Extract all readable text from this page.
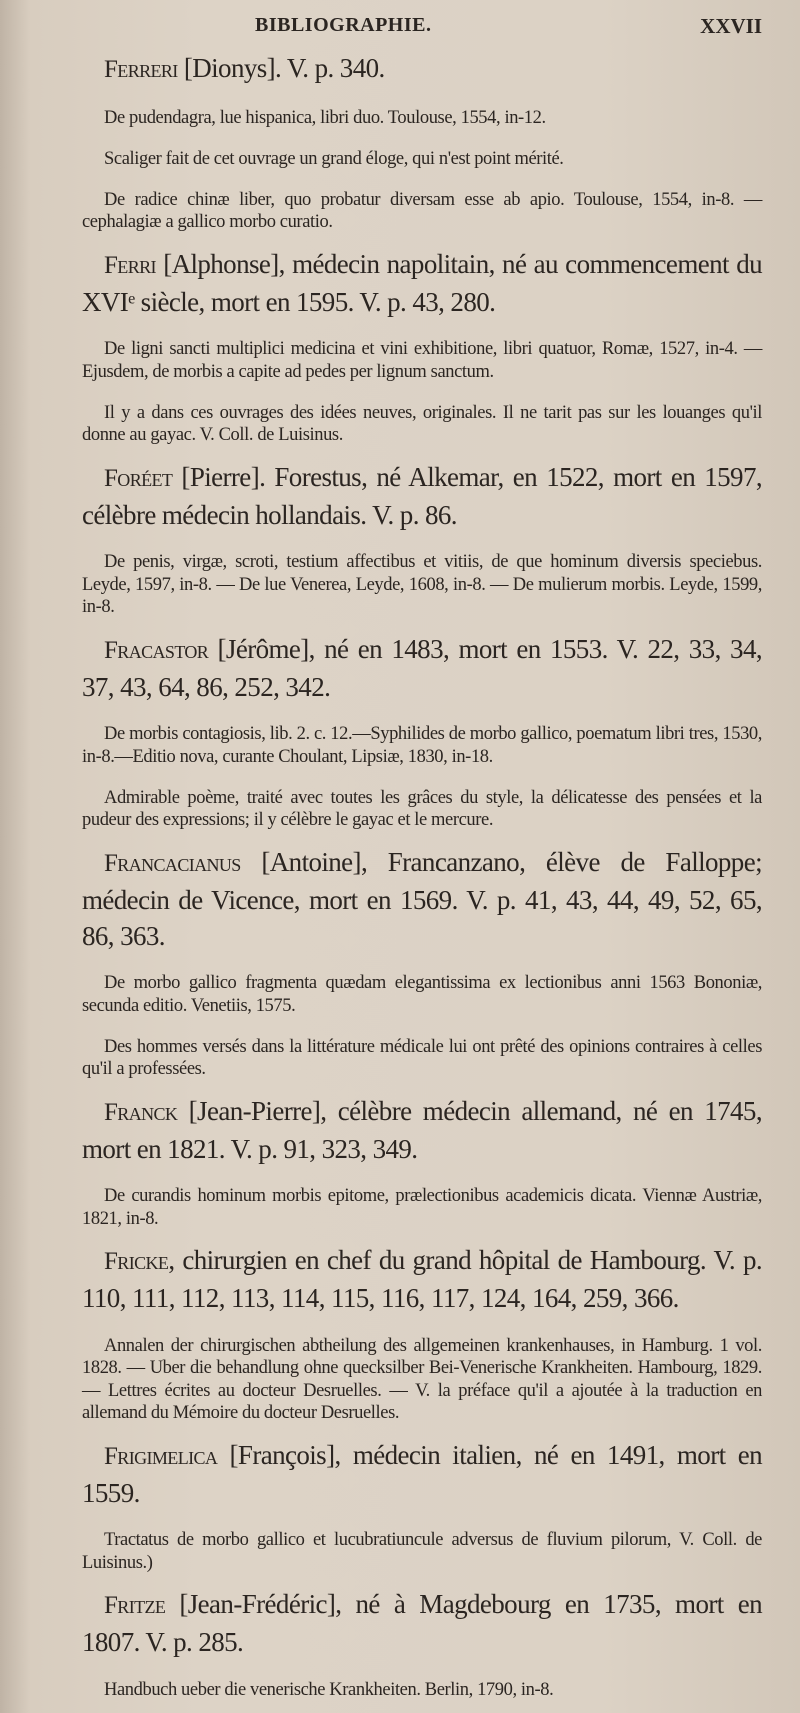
BIBLIOGRAPHIE.	XXVII
Ferreri [Dionys]. V. p. 340.

De pudendagra, lue hispanica, libri duo. Toulouse, 1554, in-12.

Scaliger fait de cet ouvrage un grand éloge, qui n'est point mérité.

De radice chinæ liber, quo probatur diversam esse ab apio. Toulouse, 1554, in-8. — cephalagiæ a gallico morbo curatio.

Ferri [Alphonse], médecin napolitain, né au commencement du XVIᵉ siècle, mort en 1595. V. p. 43, 280.

De ligni sancti multiplici medicina et vini exhibitione, libri quatuor, Romæ, 1527, in-4. — Ejusdem, de morbis a capite ad pedes per lignum sanctum.

Il y a dans ces ouvrages des idées neuves, originales. Il ne tarit pas sur les louanges qu'il donne au gayac. V. Coll. de Luisinus.

Foréet [Pierre]. Forestus, né Alkemar, en 1522, mort en 1597, célèbre médecin hollandais. V. p. 86.

De penis, virgæ, scroti, testium affectibus et vitiis, de que hominum diversis speciebus. Leyde, 1597, in-8. — De lue Venerea, Leyde, 1608, in-8. — De mulierum morbis. Leyde, 1599, in-8.

Fracastor [Jérôme], né en 1483, mort en 1553. V. 22, 33, 34, 37, 43, 64, 86, 252, 342.

De morbis contagiosis, lib. 2. c. 12.—Syphilides de morbo gallico, poematum libri tres, 1530, in-8.—Editio nova, curante Choulant, Lipsiæ, 1830, in-18.

Admirable poème, traité avec toutes les grâces du style, la délicatesse des pensées et la pudeur des expressions; il y célèbre le gayac et le mercure.

Francacianus [Antoine], Francanzano, élève de Falloppe; médecin de Vicence, mort en 1569. V. p. 41, 43, 44, 49, 52, 65, 86, 363.

De morbo gallico fragmenta quædam elegantissima ex lectionibus anni 1563 Bononiæ, secunda editio. Venetiis, 1575.

Des hommes versés dans la littérature médicale lui ont prêté des opinions contraires à celles qu'il a professées.

Franck [Jean-Pierre], célèbre médecin allemand, né en 1745, mort en 1821. V. p. 91, 323, 349.

De curandis hominum morbis epitome, prælectionibus academicis dicata. Viennæ Austriæ, 1821, in-8.

Fricke, chirurgien en chef du grand hôpital de Hambourg. V. p. 110, 111, 112, 113, 114, 115, 116, 117, 124, 164, 259, 366.

Annalen der chirurgischen abtheilung des allgemeinen krankenhauses, in Hamburg. 1 vol. 1828. — Uber die behandlung ohne quecksilber Bei-Venerische Krankheiten. Hambourg, 1829. — Lettres écrites au docteur Desruelles. — V. la préface qu'il a ajoutée à la traduction en allemand du Mémoire du docteur Desruelles.

Frigimelica [François], médecin italien, né en 1491, mort en 1559.

Tractatus de morbo gallico et lucubratiuncule adversus de fluvium pilorum, V. Coll. de Luisinus.)

Fritze [Jean-Frédéric], né à Magdebourg en 1735, mort en 1807. V. p. 285.

Handbuch ueber die venerische Krankheiten. Berlin, 1790, in-8.
